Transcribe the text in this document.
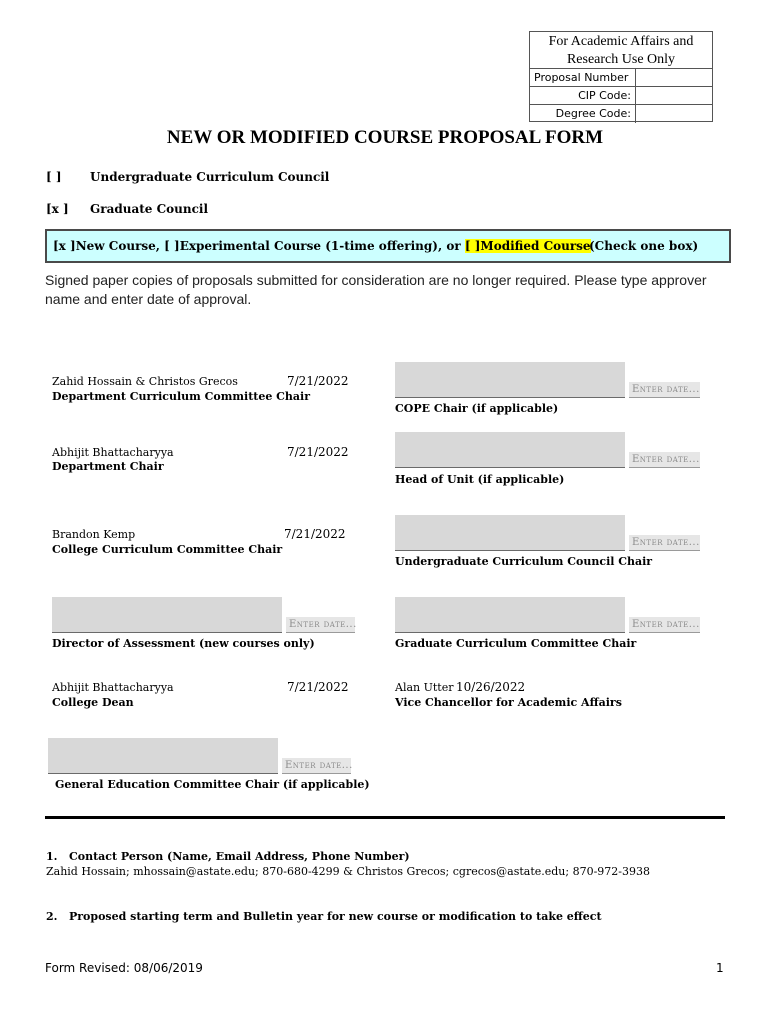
For Academic Affairs and Research Use Only
Proposal Number
CIP Code:
Degree Code:
NEW OR MODIFIED COURSE PROPOSAL FORM
[ ]	Undergraduate Curriculum Council
[x ]	Graduate Council
[x ]New Course, [ ]Experimental Course (1-time offering), or [ ]Modified Course
(Check one box)
Signed paper copies of proposals submitted for consideration are no longer required. Please type approver name and enter date of approval.
Zahid Hossain & Christos Grecos	7/21/2022
Department Curriculum Committee Chair
Abhijit Bhattacharyya	7/21/2022
Department Chair
Brandon Kemp	7/21/2022
College Curriculum Committee Chair
Enter date...
Director of Assessment (new courses only)
Abhijit Bhattacharyya	7/21/2022
College Dean
Enter date...
General Education Committee Chair (if applicable)
Enter date...
COPE Chair (if applicable)
Enter date...
Head of Unit (if applicable)
Enter date...
Undergraduate Curriculum Council Chair
Enter date...
Graduate Curriculum Committee Chair
Alan Utter 10/26/2022
Vice Chancellor for Academic Affairs
1. Contact Person (Name, Email Address, Phone Number)
Zahid Hossain; mhossain@astate.edu; 870-680-4299 & Christos Grecos; cgrecos@astate.edu; 870-972-3938
2. Proposed starting term and Bulletin year for new course or modification to take effect
Form Revised: 08/06/2019	1
